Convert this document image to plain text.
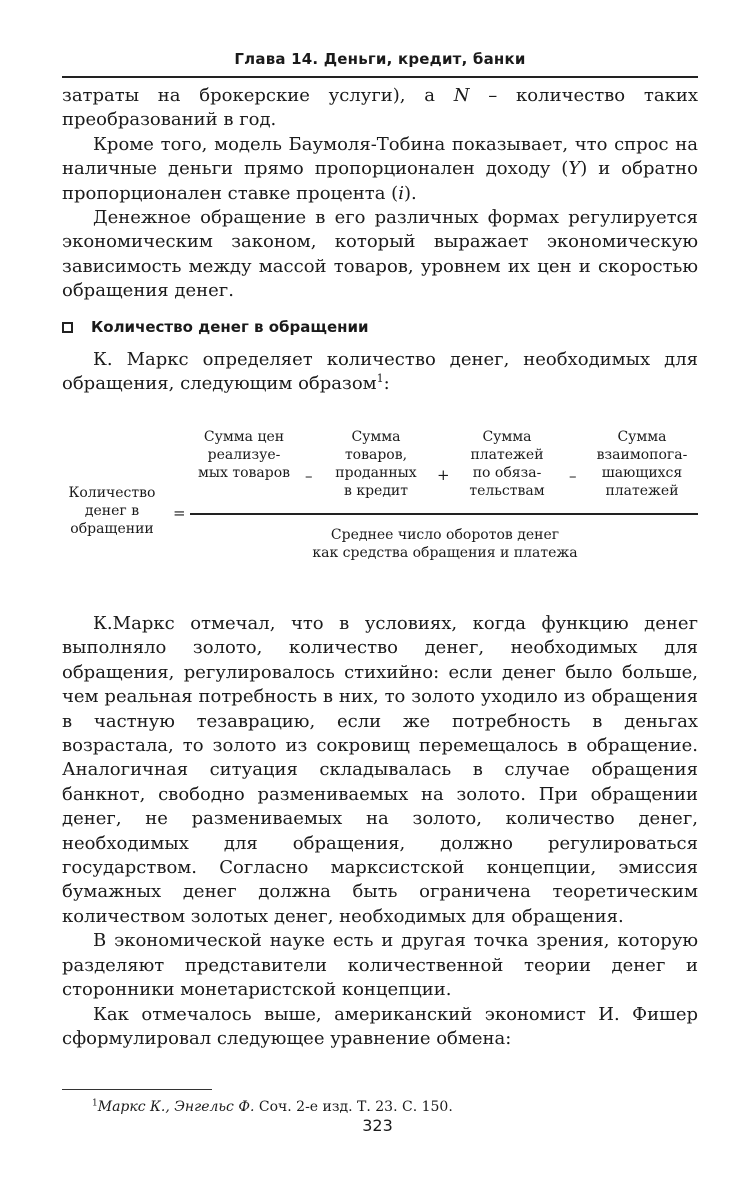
Глава 14. Деньги, кредит, банки

затраты на брокерские услуги), а N – количество таких преобразований в год.

Кроме того, модель Баумоля-Тобина показывает, что спрос на наличные деньги прямо пропорционален доходу (Y) и обратно пропорционален ставке процента (i).

Денежное обращение в его различных формах регулируется экономическим законом, который выражает экономическую зависимость между массой товаров, уровнем их цен и скоростью обращения денег.

Количество денег в обращении

К. Маркс определяет количество денег, необходимых для обращения, следующим образом$^1$:

Количество
денег в
обращении
=
Сумма цен
реализуе-
мых товаров –
Сумма
товаров,
проданных
в кредит
+
Сумма
платежей
по обяза-
тельствам
–
Сумма
взаимопога-
шающихся
платежей
Среднее число оборотов денег
как средства обращения и платежа

К.Маркс отмечал, что в условиях, когда функцию денег выполняло золото, количество денег, необходимых для обращения, регулировалось стихийно: если денег было больше, чем реальная потребность в них, то золото уходило из обращения в частную тезаврацию, если же потребность в деньгах возрастала, то золото из сокровищ перемещалось в обращение. Аналогичная ситуация складывалась в случае обращения банкнот, свободно размениваемых на золото. При обращении денег, не размениваемых на золото, количество денег, необходимых для обращения, должно регулироваться государством. Согласно марксистской концепции, эмиссия бумажных денег должна быть ограничена теоретическим количеством золотых денег, необходимых для обращения.

В экономической науке есть и другая точка зрения, которую разделяют представители количественной теории денег и сторонники монетаристской концепции.

Как отмечалось выше, американский экономист И. Фишер сформулировал следующее уравнение обмена:

$^1$Маркс К., Энгельс Ф. Соч. 2-е изд. Т. 23. С. 150.
323
